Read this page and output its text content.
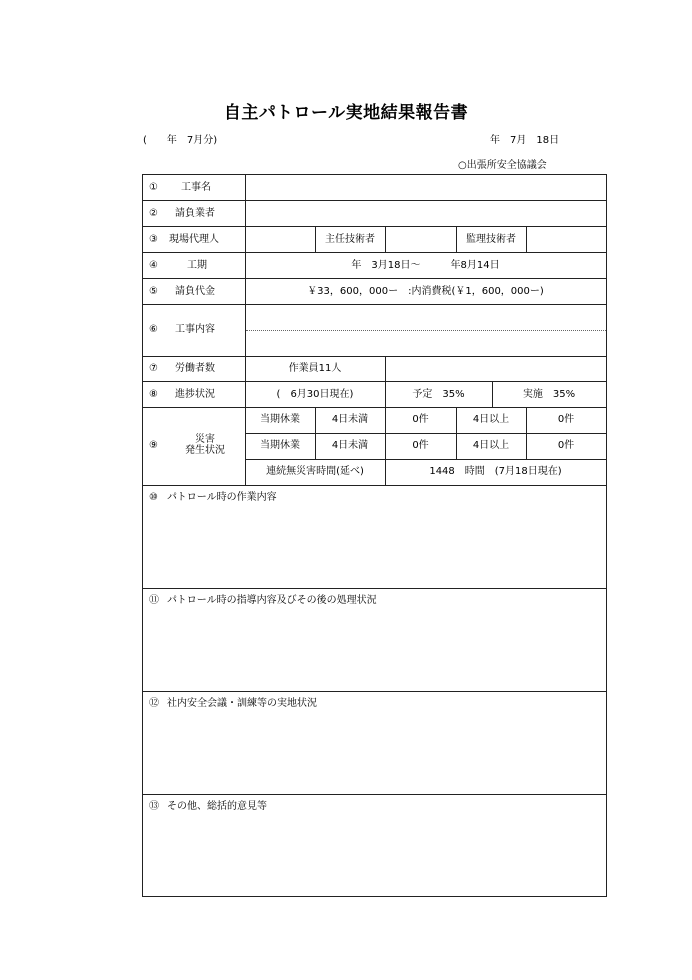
自主パトロール実地結果報告書
(　　年　7月分)	年　7月　18日
○出張所安全協議会
① 工事名
② 請負業者
③ 現場代理人	主任技術者	監理技術者
④	工期	年　3月18日～　　　年8月14日
⑤ 請負代金	￥33，600，000ー　:内消費税(￥1，600，000ー)
⑥ 工事内容
⑦ 労働者数	作業員11人
⑧ 進捗状況	(　6月30日現在)	予定　35%	実施　35%
⑨
災害
発生状況
当期休業	4日未満	0件	4日以上	0件
当期休業	4日未満	0件	4日以上	0件
連続無災害時間(延べ)	1448　時間　(7月18日現在)
⑩ パトロール時の作業内容
⑪ パトロール時の指導内容及びその後の処理状況
⑫ 社内安全会議・訓練等の実地状況
⑬ その他、総括的意見等
